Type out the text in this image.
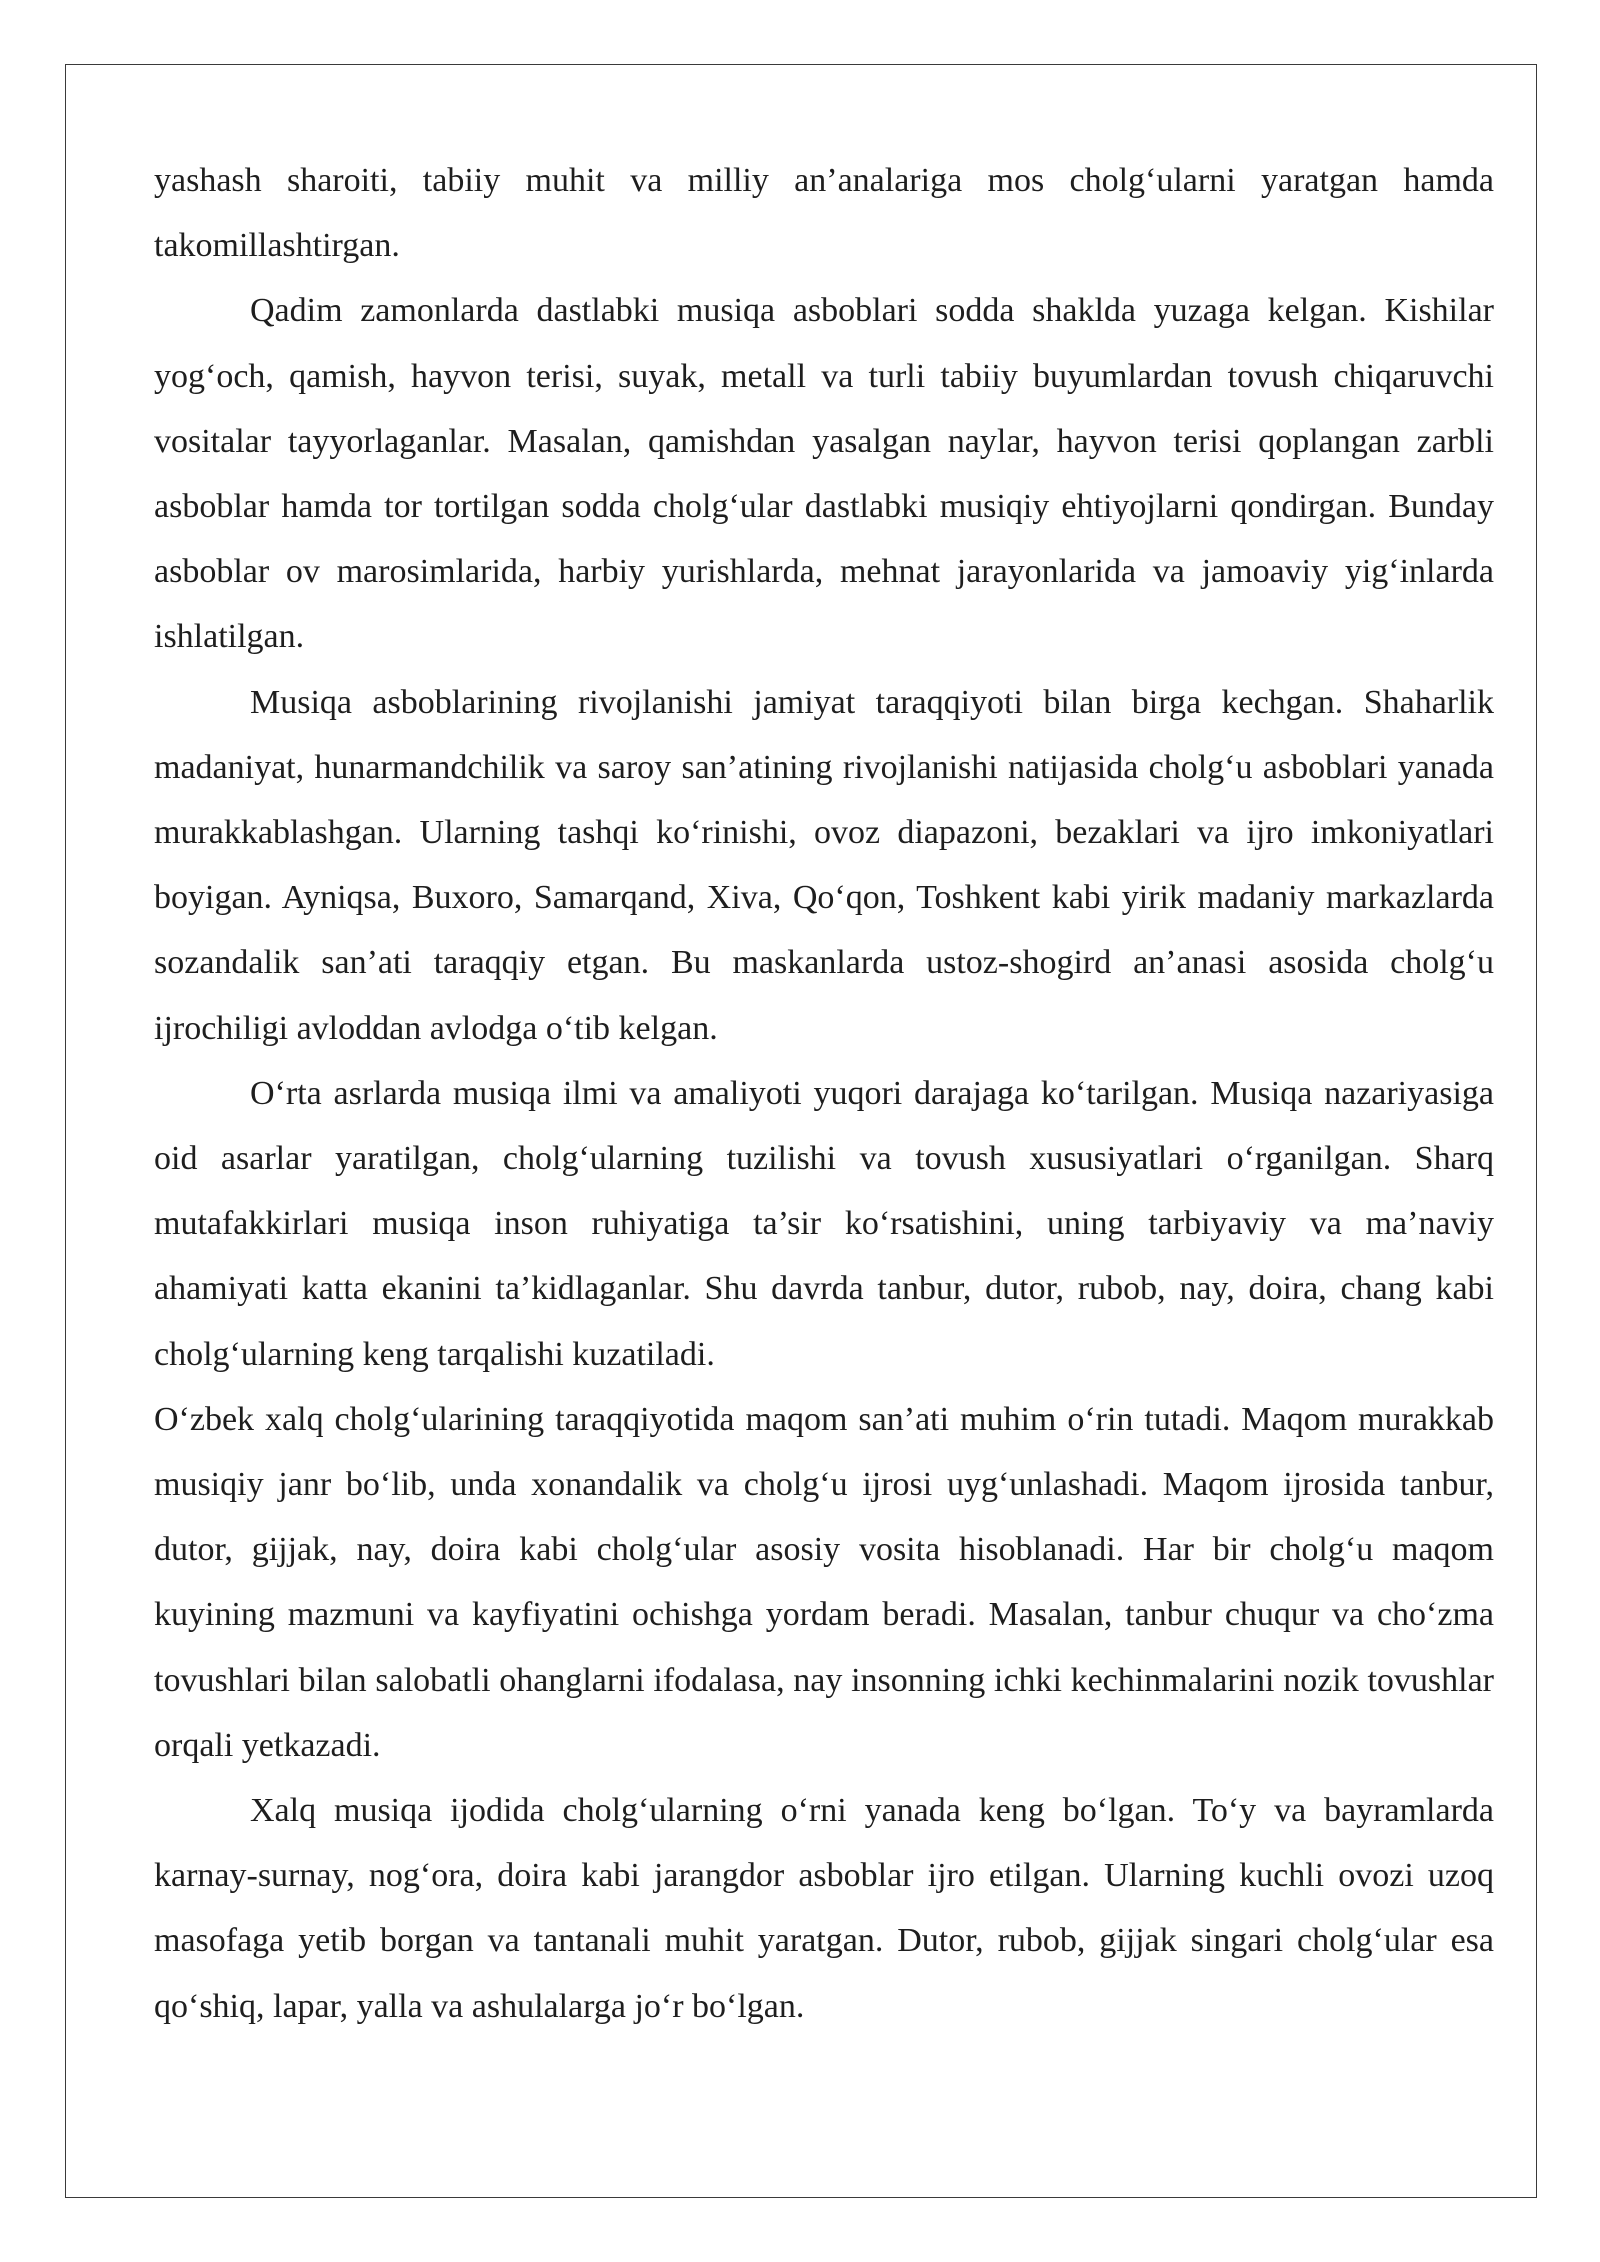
yashash sharoiti, tabiiy muhit va milliy an’analariga mos cholg‘ularni yaratgan hamda takomillashtirgan.

Qadim zamonlarda dastlabki musiqa asboblari sodda shaklda yuzaga kelgan. Kishilar yog‘och, qamish, hayvon terisi, suyak, metall va turli tabiiy buyumlardan tovush chiqaruvchi vositalar tayyorlaganlar. Masalan, qamishdan yasalgan naylar, hayvon terisi qoplangan zarbli asboblar hamda tor tortilgan sodda cholg‘ular dastlabki musiqiy ehtiyojlarni qondirgan. Bunday asboblar ov marosimlarida, harbiy yurishlarda, mehnat jarayonlarida va jamoaviy yig‘inlarda ishlatilgan.

Musiqa asboblarining rivojlanishi jamiyat taraqqiyoti bilan birga kechgan. Shaharlik madaniyat, hunarmandchilik va saroy san’atining rivojlanishi natijasida cholg‘u asboblari yanada murakkablashgan. Ularning tashqi ko‘rinishi, ovoz diapazoni, bezaklari va ijro imkoniyatlari boyigan. Ayniqsa, Buxoro, Samarqand, Xiva, Qo‘qon, Toshkent kabi yirik madaniy markazlarda sozandalik san’ati taraqqiy etgan. Bu maskanlarda ustoz-shogird an’anasi asosida cholg‘u ijrochiligi avloddan avlodga o‘tib kelgan.

O‘rta asrlarda musiqa ilmi va amaliyoti yuqori darajaga ko‘tarilgan. Musiqa nazariyasiga oid asarlar yaratilgan, cholg‘ularning tuzilishi va tovush xususiyatlari o‘rganilgan. Sharq mutafakkirlari musiqa inson ruhiyatiga ta’sir ko‘rsatishini, uning tarbiyaviy va ma’naviy ahamiyati katta ekanini ta’kidlaganlar. Shu davrda tanbur, dutor, rubob, nay, doira, chang kabi cholg‘ularning keng tarqalishi kuzatiladi.

O‘zbek xalq cholg‘ularining taraqqiyotida maqom san’ati muhim o‘rin tutadi. Maqom murakkab musiqiy janr bo‘lib, unda xonandalik va cholg‘u ijrosi uyg‘unlashadi. Maqom ijrosida tanbur, dutor, gijjak, nay, doira kabi cholg‘ular asosiy vosita hisoblanadi. Har bir cholg‘u maqom kuyining mazmuni va kayfiyatini ochishga yordam beradi. Masalan, tanbur chuqur va cho‘zma tovushlari bilan salobatli ohanglarni ifodalasa, nay insonning ichki kechinmalarini nozik tovushlar orqali yetkazadi.

Xalq musiqa ijodida cholg‘ularning o‘rni yanada keng bo‘lgan. To‘y va bayramlarda karnay-surnay, nog‘ora, doira kabi jarangdor asboblar ijro etilgan. Ularning kuchli ovozi uzoq masofaga yetib borgan va tantanali muhit yaratgan. Dutor, rubob, gijjak singari cholg‘ular esa qo‘shiq, lapar, yalla va ashulalarga jo‘r bo‘lgan.
